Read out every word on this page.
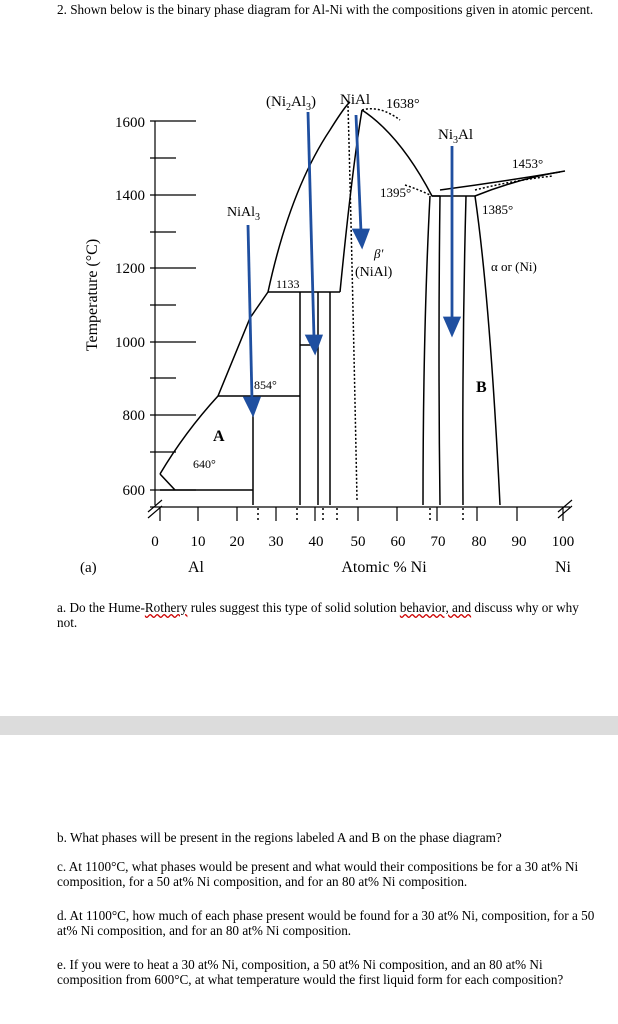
2. Shown below is the binary phase diagram for Al-Ni with the compositions given in atomic percent.
1600
1400
1200
1000
800
600
Temperature (°C)
0 10 20 30 40 50 60 70 80 90 100
(a)	Al	Atomic % Ni	Ni
$(Ni_2Al_3)$ NiAl 1638°
$Ni_3Al$
1453°
1395°
1385°
NiAl$_3$
β'
(NiAl)	α or (Ni)
1133
854°	B
A
640°
a. Do the Hume-Rothery rules suggest this type of solid solution behavior, and discuss why or why not.
b. What phases will be present in the regions labeled A and B on the phase diagram?
c. At 1100°C, what phases would be present and what would their compositions be for a 30 at% Ni composition, for a 50 at% Ni composition, and for an 80 at% Ni composition.
d. At 1100°C, how much of each phase present would be found for a 30 at% Ni, composition, for a 50 at% Ni composition, and for an 80 at% Ni composition.
e. If you were to heat a 30 at% Ni, composition, a 50 at% Ni composition, and an 80 at% Ni composition from 600°C, at what temperature would the first liquid form for each composition?
